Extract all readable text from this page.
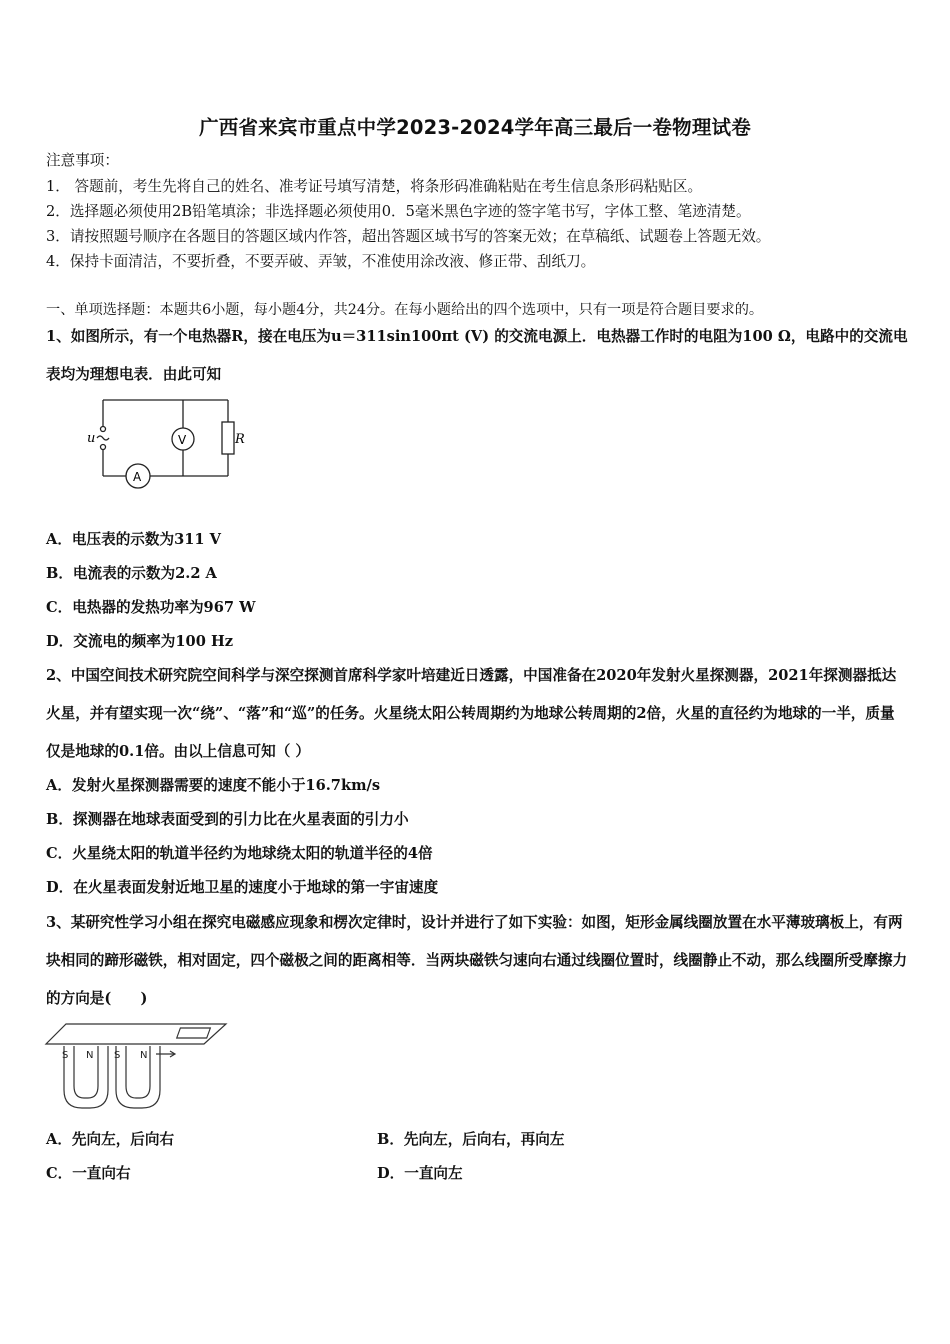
广西省来宾市重点中学2023-2024学年高三最后一卷物理试卷
注意事项：
1． 答题前，考生先将自己的姓名、准考证号填写清楚，将条形码准确粘贴在考生信息条形码粘贴区。
2．选择题必须使用2B铅笔填涂；非选择题必须使用0．5毫米黑色字迹的签字笔书写，字体工整、笔迹清楚。
3．请按照题号顺序在各题目的答题区域内作答，超出答题区域书写的答案无效；在草稿纸、试题卷上答题无效。
4．保持卡面清洁，不要折叠，不要弄破、弄皱，不准使用涂改液、修正带、刮纸刀。
一、单项选择题：本题共6小题，每小题4分，共24分。在每小题给出的四个选项中，只有一项是符合题目要求的。
1、如图所示，有一个电热器R，接在电压为u＝311sin100πt (V) 的交流电源上．电热器工作时的电阻为100 Ω，电路中的交流电表均为理想电表．由此可知
u	V	R
A
A．电压表的示数为311 V
B．电流表的示数为2.2 A
C．电热器的发热功率为967 W
D．交流电的频率为100 Hz
2、中国空间技术研究院空间科学与深空探测首席科学家叶培建近日透露，中国准备在2020年发射火星探测器，2021年探测器抵达火星，并有望实现一次“绕”、“落”和“巡”的任务。火星绕太阳公转周期约为地球公转周期的2倍，火星的直径约为地球的一半，质量仅是地球的0.1倍。由以上信息可知（ ）
A．发射火星探测器需要的速度不能小于16.7km/s
B．探测器在地球表面受到的引力比在火星表面的引力小
C．火星绕太阳的轨道半径约为地球绕太阳的轨道半径的4倍
D．在火星表面发射近地卫星的速度小于地球的第一宇宙速度
3、某研究性学习小组在探究电磁感应现象和楞次定律时，设计并进行了如下实验：如图，矩形金属线圈放置在水平薄玻璃板上，有两块相同的蹄形磁铁，相对固定，四个磁极之间的距离相等．当两块磁铁匀速向右通过线圈位置时，线圈静止不动，那么线圈所受摩擦力的方向是(　　)
S N S N
A．先向左，后向右	B．先向左，后向右，再向左
C．一直向右	D．一直向左
